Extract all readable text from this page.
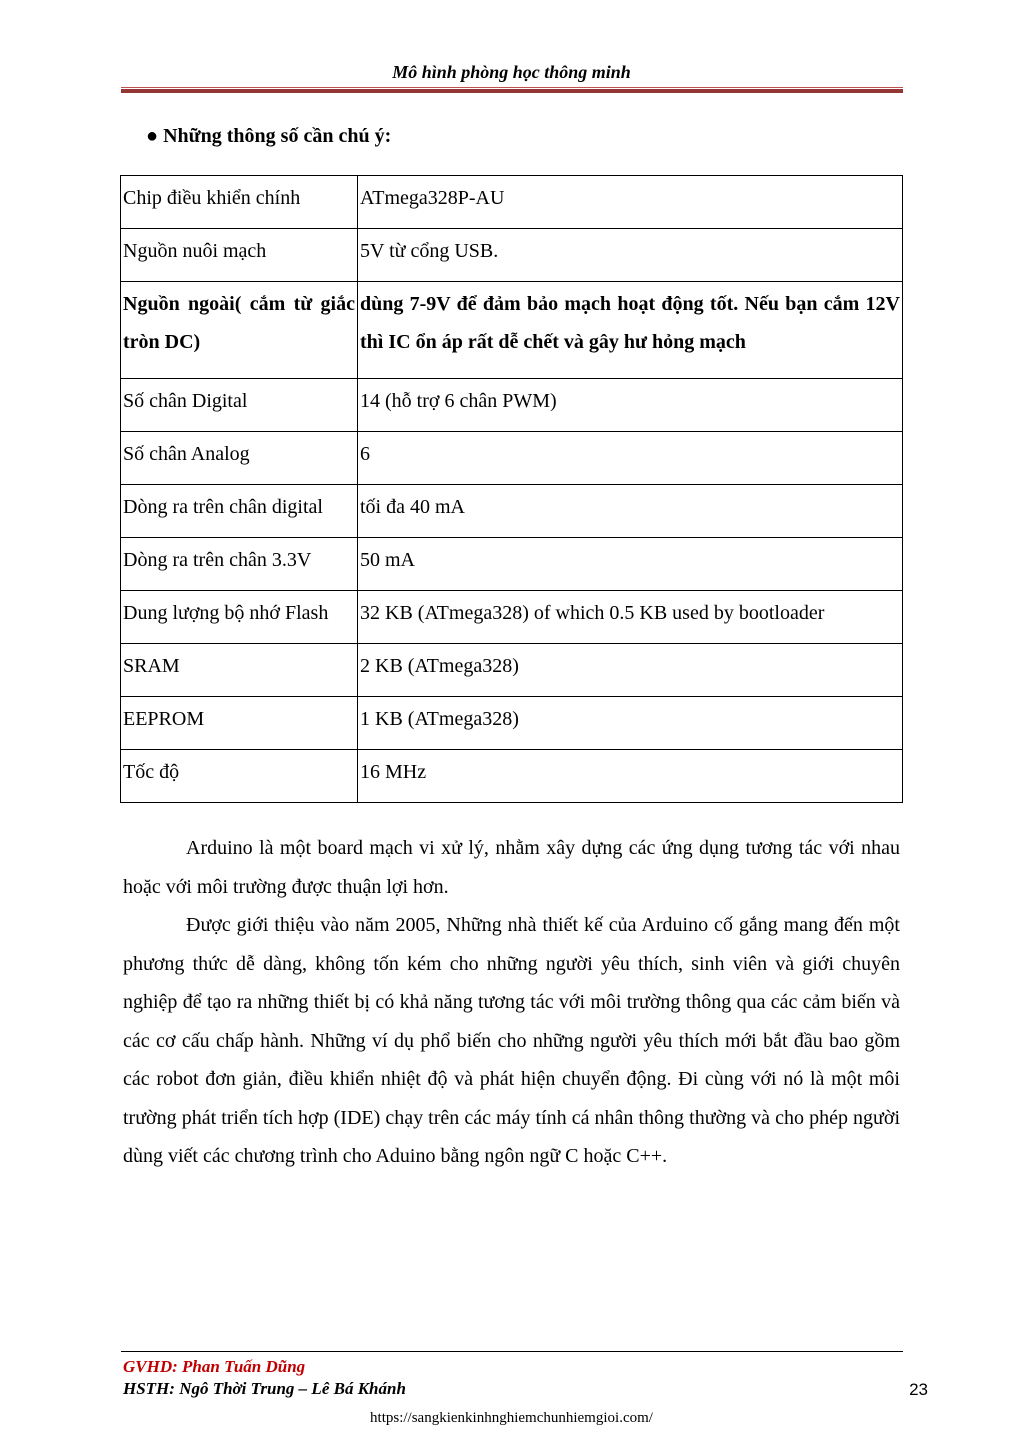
Mô hình phòng học thông minh
● Những thông số cần chú ý:
Chip điều khiển chính	ATmega328P-AU
Nguồn nuôi mạch	5V từ cổng USB.
Nguồn ngoài( cắm từ giắc tròn DC)	dùng 7-9V để đảm bảo mạch hoạt động tốt. Nếu bạn cắm 12V thì IC ổn áp rất dễ chết và gây hư hỏng mạch
Số chân Digital	14 (hỗ trợ 6 chân PWM)
Số chân Analog	6
Dòng ra trên chân digital	tối đa 40 mA
Dòng ra trên chân 3.3V	50 mA
Dung lượng bộ nhớ Flash	32 KB (ATmega328) of which 0.5 KB used by bootloader
SRAM	2 KB (ATmega328)
EEPROM	1 KB (ATmega328)
Tốc độ	16 MHz

Arduino là một board mạch vi xử lý, nhằm xây dựng các ứng dụng tương tác với nhau hoặc với môi trường được thuận lợi hơn.

Được giới thiệu vào năm 2005, Những nhà thiết kế của Arduino cố gắng mang đến một phương thức dễ dàng, không tốn kém cho những người yêu thích, sinh viên và giới chuyên nghiệp để tạo ra những thiết bị có khả năng tương tác với môi trường thông qua các cảm biến và các cơ cấu chấp hành. Những ví dụ phổ biến cho những người yêu thích mới bắt đầu bao gồm các robot đơn giản, điều khiển nhiệt độ và phát hiện chuyển động. Đi cùng với nó là một môi trường phát triển tích hợp (IDE) chạy trên các máy tính cá nhân thông thường và cho phép người dùng viết các chương trình cho Aduino bằng ngôn ngữ C hoặc C++.

GVHD: Phan Tuấn Dũng
HSTH: Ngô Thời Trung – Lê Bá Khánh	23
https://sangkienkinhnghiemchunhiemgioi.com/
